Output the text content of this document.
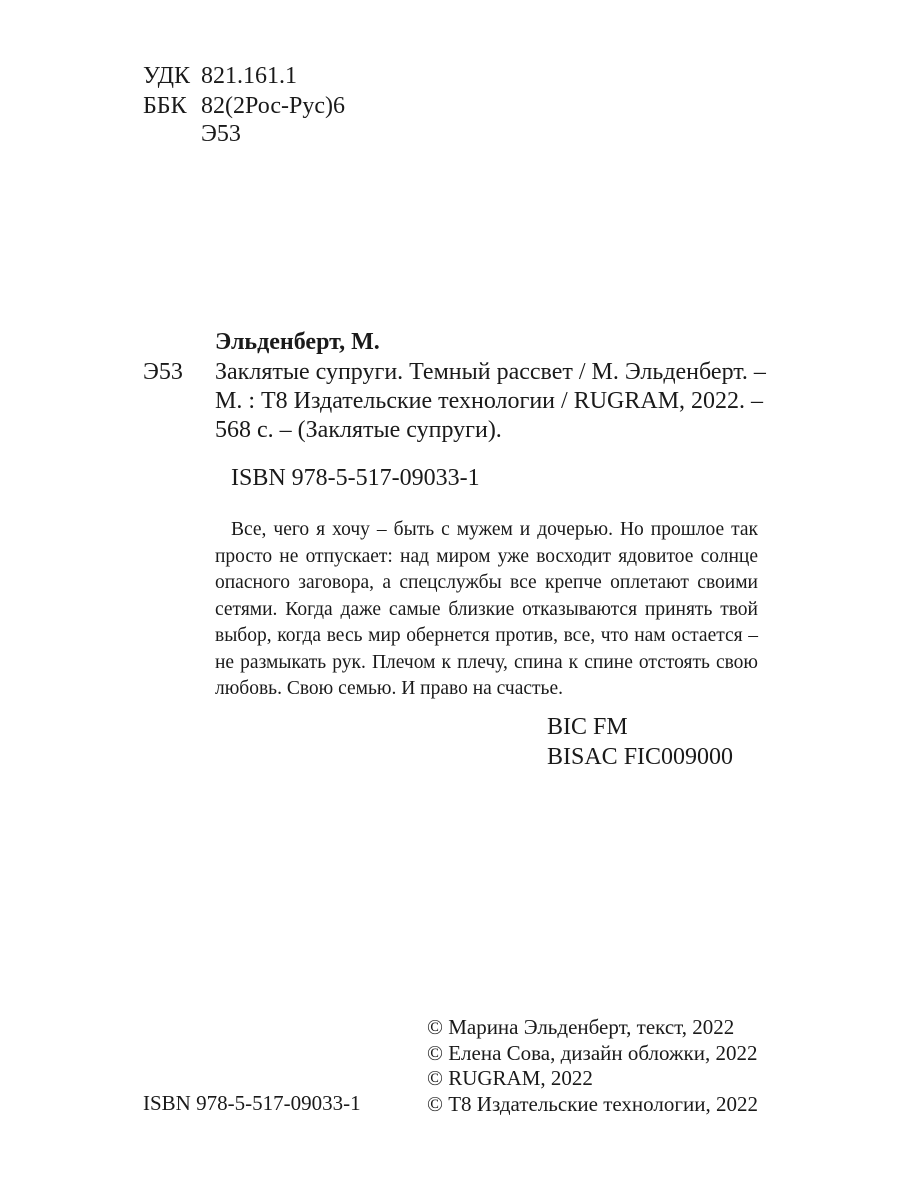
УДК 821.161.1
ББК 82(2Рос-Рус)6
Э53
Эльденберт, М.
Э53 Заклятые супруги. Темный рассвет / М. Эльденберт. –
М. : Т8 Издательские технологии / RUGRAM, 2022. –
568 с. – (Заклятые супруги).
ISBN 978-5-517-09033-1
Все, чего я хочу – быть с мужем и дочерью. Но прошлое так
просто не отпускает: над миром уже восходит ядовитое солнце
опасного заговора, а спецслужбы все крепче оплетают своими
сетями. Когда даже самые близкие отказываются принять твой
выбор, когда весь мир обернется против, все, что нам остается –
не размыкать рук. Плечом к плечу, спина к спине отстоять свою
любовь. Свою семью. И право на счастье.
BIC FM
BISAC FIC009000
© Марина Эльденберт, текст, 2022
© Елена Сова, дизайн обложки, 2022
© RUGRAM, 2022
© Т8 Издательские технологии, 2022
ISBN 978-5-517-09033-1
